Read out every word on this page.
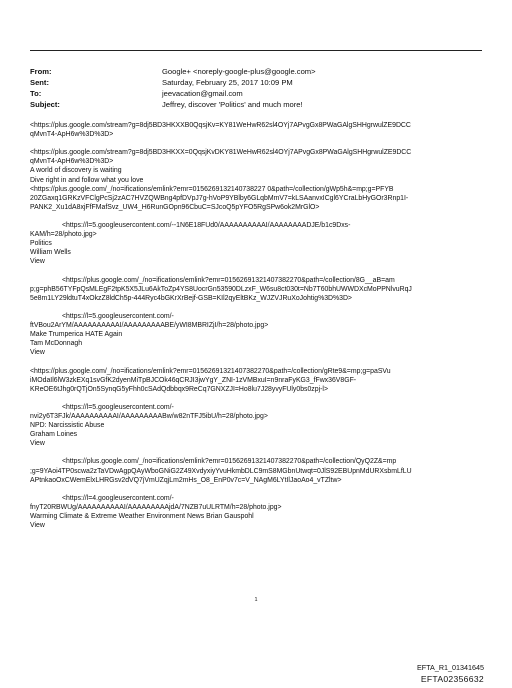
From:	Google+ <noreply-google-plus@google.com>
Sent:	Saturday, February 25, 2017 10:09 PM
To:	jeevacation@gmail.com
Subject:	Jeffrey, discover 'Politics' and much more!
<https://plus.google.com/stream?g=8dj5BD3HKXXB0QqsjKv=KY81WeHwR62sl4OYj7APvgGx8PWaGAlgSHHgrwulZE9DCC
qMvnT4-ApH6w%3D%3D>
<https://plus.google.com/stream?g=8dj5BD3HKXX=0QqsjKvDKY81WeHwR62sl4OYj7APvgGx8PWaGAlgSHHgrwulZE9DCC
qMvnT4-ApH6w%3D%3D>
A world of discovery is waiting
Dive right in and follow what you love
<https://plus.google.com/_/no=ifications/emlink?emr=0156269132140738227 0&path=/collection/gWp5h&=mp;g=PFYB
20ZGaxq1GRKzVFClgPcSj2zAC7HVZQWBng4pfDVpJ7g-hVoP9YBlby6GLqbMmV7=kLSAanvxICgl6YCraLbHyGOr3Rnp1I-
PANK2_Xu1dA8xjFfFMafSvz_UW4_H6RunGOpn96CbuC=SJcoQ5pYFO5RgSPw6ok2MrGlO>
<https://l=5.googleusercontent.com/--1N6E18FUd0/AAAAAAAAAAI/AAAAAAAADJE/b1c9Dxs-
KAM/h=28/photo.jpg>
Politics
William Wells
View
<https://plus.google.com/_/no=ifications/emlink?emr=01562691321407382270&path=/collection/8G__aB=am
p;g=phB56TYFpQsMLEgF2tpK5X5JLu6AkToZp4YS8UocrGn53590DLzxF_W6su8ct030t=Nb7T60bhUWWDXcMoPPNlvuRqJ
5e8m1LY29ldtuT4xOkzZ8ldCh5p-444Ryc4bGKrXrBejf-GSB=KIl2qyEltBKz_WJZVJRuXoJohtig%3D%3D>
<https://l=5.googleusercontent.com/-
ftVBou2ArYM/AAAAAAAAAAI/AAAAAAAAABE/yWI8MBRIZjI/h=28/photo.jpg>
Make Trumperica HATE Again
Tam McDonnagh
View
<https://plus.google.com/_/no=ifications/emlink?emr=01562691321407382270&path=/collection/gRte9&=mp;g=paSVu
iMOdaIl6lW3zkEXq1svGfK2dyenMiTpBJCOk46qCRJI3jwYgY_ZNI-1zVMBxuI=n9nraFyKG3_fFwx36V8GF-
KReOE6tJhg0rQTjOn5SynqG5yFhh0cSAdQdbbqx9ReCq7GNXZJI=Ho8lu7J28yvyFUly0bs0zpj-l>
<https://l=5.googleusercontent.com/-
nvi2y6T3FJk/AAAAAAAAAAI/AAAAAAAAABw/w82nTFJ5ibU/h=28/photo.jpg>
NPD: Narcissistic Abuse
Graham Loines
View
<https://plus.google.com/_/no=ifications/emlink?emr=01562691321407382270&path=/collection/QyQ2Z&=mp
;g=9YAoi4TP0scwa2zTaVDwAgpQAyWboGNiG2Z49XvdyxiyYvuHkmbDLC9mS8MGbnUtwqt=0JlS92EBUpnMdURXsbmLfLU
APtnkaoOxCWemElxLHRGsv2dVQ7jVmUZqjLm2mHs_O8_EnP0v7c=V_NAgM6LYtIlJaoAo4_vTZltw>
<https://l=4.googleusercontent.com/-
fnyT20RBWUg/AAAAAAAAAAI/AAAAAAAAAjdA/7NZB7uULRTM/h=28/photo.jpg>
Warming Climate & Extreme Weather Environment News Brian Gauspohl
View
1
EFTA_R1_01341645
EFTA02356632
